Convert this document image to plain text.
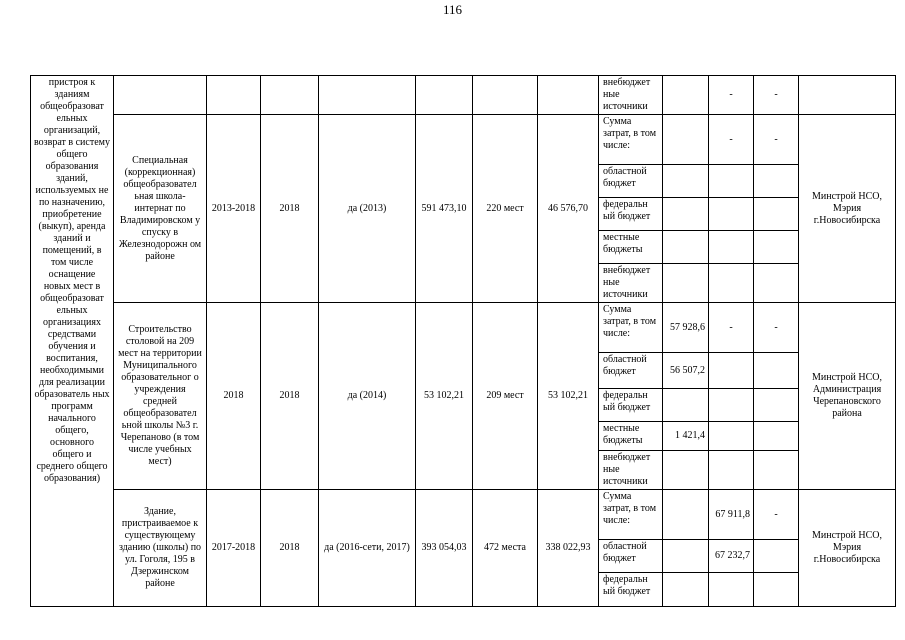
116
пристроя к зданиям общеобразоват ельных организаций, возврат в систему общего образования зданий, используемых не по назначению, приобретение (выкуп), аренда зданий и помещений, в том числе оснащение новых мест в общеобразоват ельных организациях средствами обучения и воспитания, необходимыми для реализации образователь ных программ начального общего, основного общего и среднего общего образования)								внебюджет ные источники		-	-	
	Специальная (коррекционная) общеобразовател ьная школа-интернат по Владимировском у спуску в Железнодорожн ом районе	2013-2018	2018	да (2013)	591 473,10	220 мест	46 576,70	Сумма затрат, в том числе:		-	-	Минстрой НСО, Мэрия г.Новосибирска
								областной бюджет				
								федеральн ый бюджет				
								местные бюджеты				
								внебюджет ные источники				
	Строительство столовой на 209 мест на территории Муниципального образовательног о учреждения средней общеобразовател ьной школы №3 г. Черепаново (в том числе учебных мест)	2018	2018	да (2014)	53 102,21	209 мест	53 102,21	Сумма затрат, в том числе:	57 928,6	-	-	Минстрой НСО, Администрация Черепановского района
								областной бюджет	56 507,2			
								федеральн ый бюджет				
								местные бюджеты	1 421,4			
								внебюджет ные источники				
	Здание, пристраиваемое к существующему зданию (школы) по ул. Гоголя, 195 в Дзержинском районе	2017-2018	2018	да (2016-сети, 2017)	393 054,03	472 места	338 022,93	Сумма затрат, в том числе:		67 911,8	-	Минстрой НСО, Мэрия г.Новосибирска
								областной бюджет		67 232,7		
								федеральн ый бюджет				
